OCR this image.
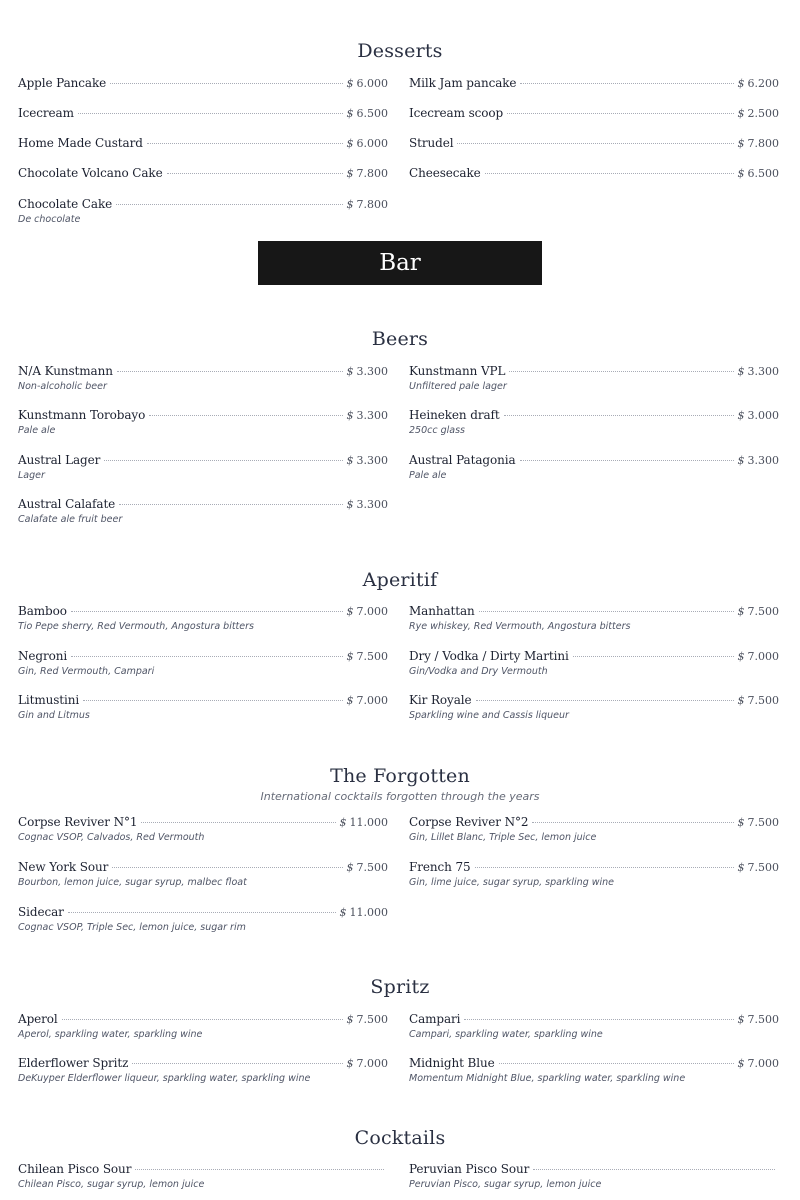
Desserts
Apple Pancake	$ 6.000 Milk Jam pancake	$ 6.200
Icecream	$ 6.500 Icecream scoop	$ 2.500
Home Made Custard	$ 6.000 Strudel	$ 7.800
Chocolate Volcano Cake	$ 7.800 Cheesecake	$ 6.500
Chocolate Cake	$ 7.800
De chocolate
Bar
Beers
N/A Kunstmann	$ 3.300
Non-alcoholic beer
Kunstmann VPL	$ 3.300
Unfiltered pale lager
Kunstmann Torobayo	$ 3.300
Pale ale
Heineken draft	$ 3.000
250cc glass
Austral Lager	$ 3.300
Lager
Austral Patagonia	$ 3.300
Pale ale
Austral Calafate	$ 3.300
Calafate ale fruit beer
Aperitif
Bamboo	$ 7.000
Tio Pepe sherry, Red Vermouth, Angostura bitters
Manhattan	$ 7.500
Rye whiskey, Red Vermouth, Angostura bitters
Negroni	$ 7.500
Gin, Red Vermouth, Campari
Dry / Vodka / Dirty Martini	$ 7.000
Gin/Vodka and Dry Vermouth
Litmustini	$ 7.000
Gin and Litmus
Kir Royale	$ 7.500
Sparkling wine and Cassis liqueur
The Forgotten
International cocktails forgotten through the years
Corpse Reviver N°1	$ 11.000
Cognac VSOP, Calvados, Red Vermouth
Corpse Reviver N°2	$ 7.500
Gin, Lillet Blanc, Triple Sec, lemon juice
New York Sour	$ 7.500
Bourbon, lemon juice, sugar syrup, malbec float
French 75	$ 7.500
Gin, lime juice, sugar syrup, sparkling wine
Sidecar	$ 11.000
Cognac VSOP, Triple Sec, lemon juice, sugar rim
Spritz
Aperol	$ 7.500
Aperol, sparkling water, sparkling wine
Campari	$ 7.500
Campari, sparkling water, sparkling wine
Elderflower Spritz	$ 7.000
DeKuyper Elderflower liqueur, sparkling water, sparkling wine
Midnight Blue	$ 7.000
Momentum Midnight Blue, sparkling water, sparkling wine
Cocktails
Chilean Pisco Sour
Chilean Pisco, sugar syrup, lemon juice
Peruvian Pisco Sour
Peruvian Pisco, sugar syrup, lemon juice
